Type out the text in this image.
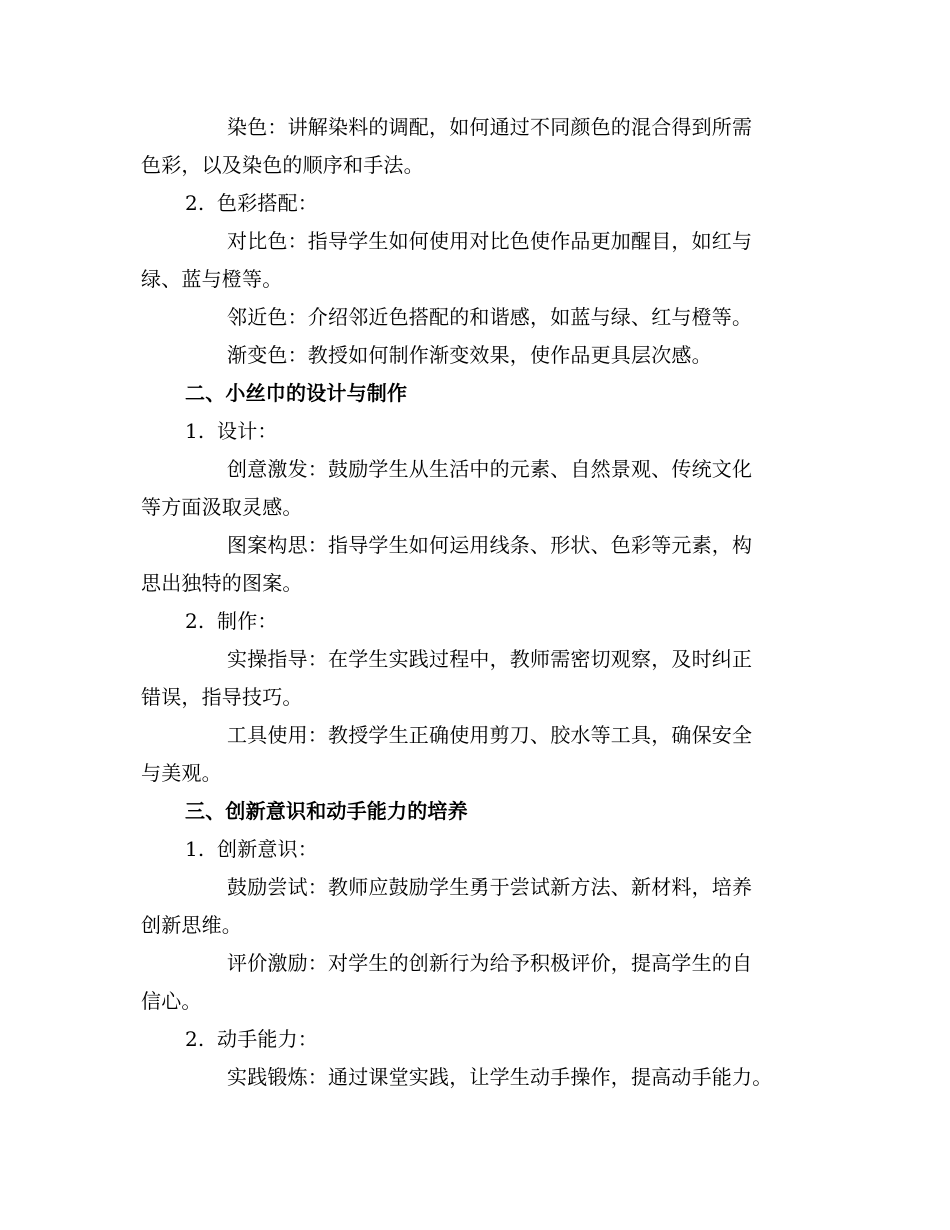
染色：讲解染料的调配，如何通过不同颜色的混合得到所需
色彩，以及染色的顺序和手法。
2. 色彩搭配：
对比色：指导学生如何使用对比色使作品更加醒目，如红与
绿、蓝与橙等。
邻近色：介绍邻近色搭配的和谐感，如蓝与绿、红与橙等。
渐变色：教授如何制作渐变效果，使作品更具层次感。
二、小丝巾的设计与制作
1. 设计：
创意激发：鼓励学生从生活中的元素、自然景观、传统文化
等方面汲取灵感。
图案构思：指导学生如何运用线条、形状、色彩等元素，构
思出独特的图案。
2. 制作：
实操指导：在学生实践过程中，教师需密切观察，及时纠正
错误，指导技巧。
工具使用：教授学生正确使用剪刀、胶水等工具，确保安全
与美观。
三、创新意识和动手能力的培养
1. 创新意识：
鼓励尝试：教师应鼓励学生勇于尝试新方法、新材料，培养
创新思维。
评价激励：对学生的创新行为给予积极评价，提高学生的自
信心。
2. 动手能力：
实践锻炼：通过课堂实践，让学生动手操作，提高动手能力。
